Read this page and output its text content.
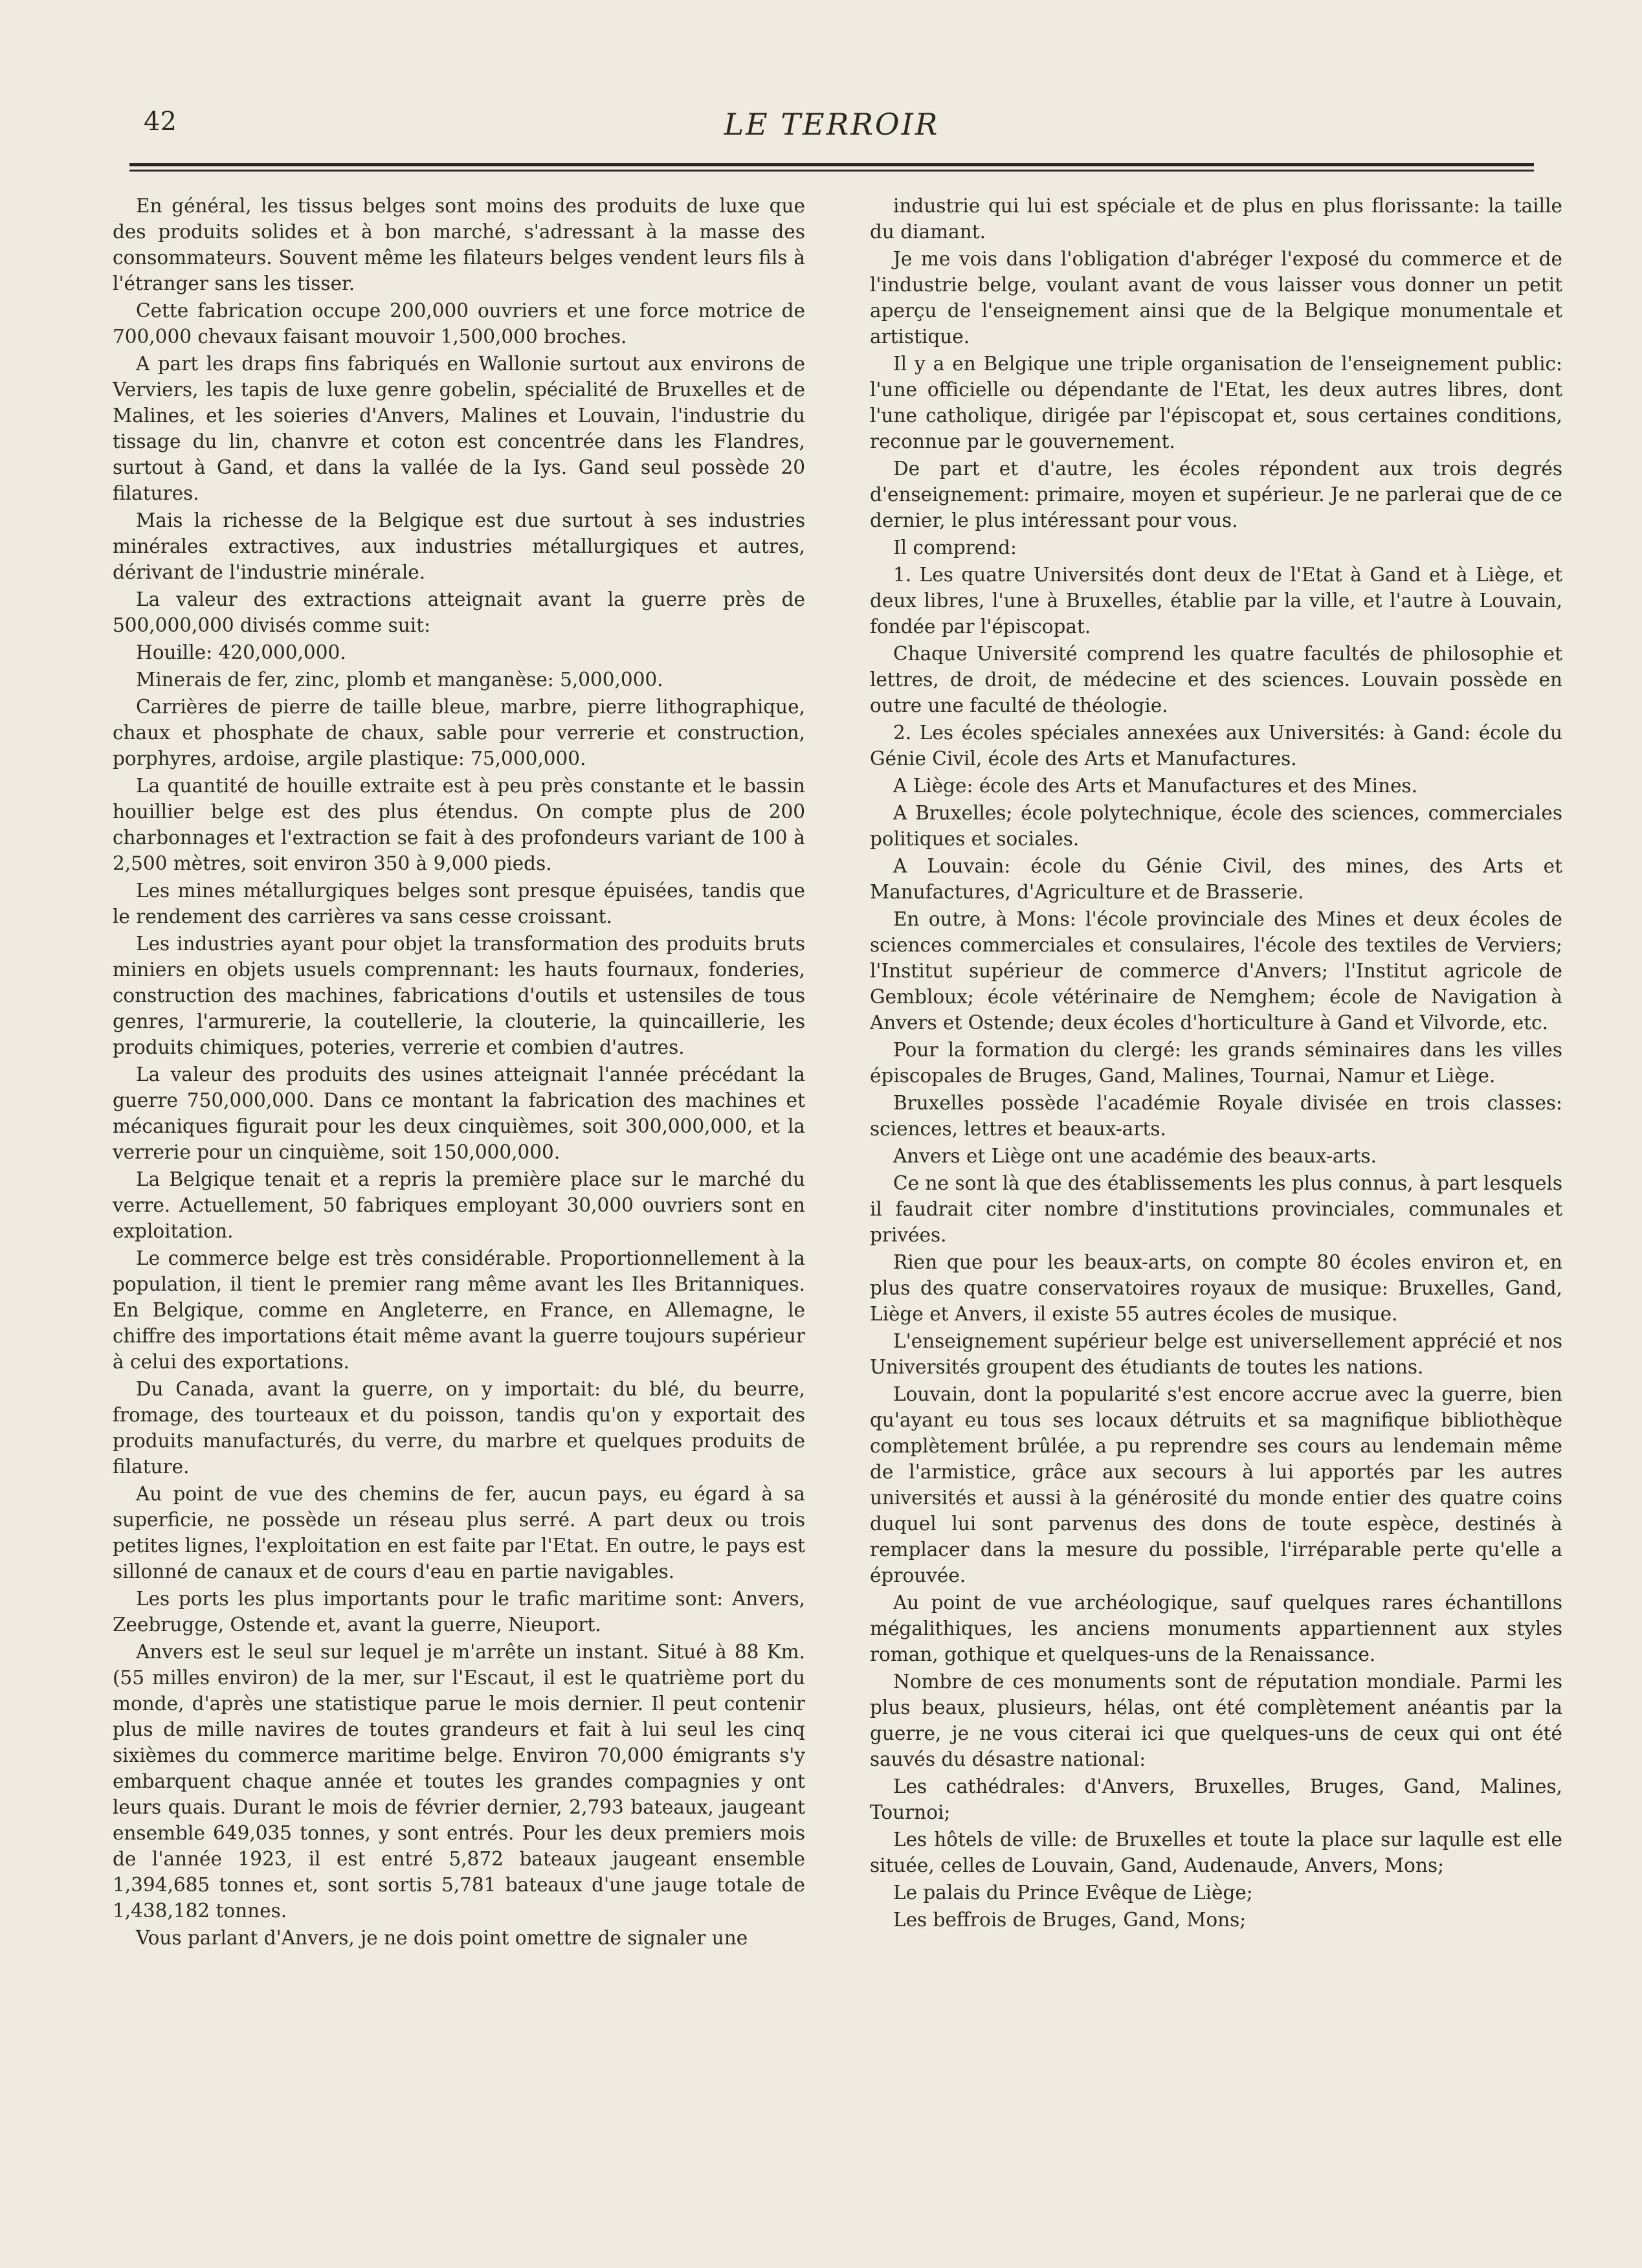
42	LE TERROIR

En général, les tissus belges sont moins des produits de luxe que des produits solides et à bon marché, s'adressant à la masse des consommateurs. Souvent même les filateurs belges vendent leurs fils à l'étranger sans les tisser.

Cette fabrication occupe 200,000 ouvriers et une force motrice de 700,000 chevaux faisant mouvoir 1,500,000 broches.

A part les draps fins fabriqués en Wallonie surtout aux environs de Verviers, les tapis de luxe genre gobelin, spécialité de Bruxelles et de Malines, et les soieries d'Anvers, Malines et Louvain, l'industrie du tissage du lin, chanvre et coton est concentrée dans les Flandres, surtout à Gand, et dans la vallée de la Iys. Gand seul possède 20 filatures.

Mais la richesse de la Belgique est due surtout à ses industries minérales extractives, aux industries métallurgiques et autres, dérivant de l'industrie minérale.

La valeur des extractions atteignait avant la guerre près de 500,000,000 divisés comme suit:

Houille: 420,000,000.

Minerais de fer, zinc, plomb et manganèse: 5,000,000.

Carrières de pierre de taille bleue, marbre, pierre lithographique, chaux et phosphate de chaux, sable pour verrerie et construction, porphyres, ardoise, argile plastique: 75,000,000.

La quantité de houille extraite est à peu près constante et le bassin houillier belge est des plus étendus. On compte plus de 200 charbonnages et l'extraction se fait à des profondeurs variant de 100 à 2,500 mètres, soit environ 350 à 9,000 pieds.

Les mines métallurgiques belges sont presque épuisées, tandis que le rendement des carrières va sans cesse croissant.

Les industries ayant pour objet la transformation des produits bruts miniers en objets usuels comprennant: les hauts fournaux, fonderies, construction des machines, fabrications d'outils et ustensiles de tous genres, l'armurerie, la coutellerie, la clouterie, la quincaillerie, les produits chimiques, poteries, verrerie et combien d'autres.

La valeur des produits des usines atteignait l'année précédant la guerre 750,000,000. Dans ce montant la fabrication des machines et mécaniques figurait pour les deux cinquièmes, soit 300,000,000, et la verrerie pour un cinquième, soit 150,000,000.

La Belgique tenait et a repris la première place sur le marché du verre. Actuellement, 50 fabriques employant 30,000 ouvriers sont en exploitation.

Le commerce belge est très considérable. Proportionnellement à la population, il tient le premier rang même avant les Iles Britanniques. En Belgique, comme en Angleterre, en France, en Allemagne, le chiffre des importations était même avant la guerre toujours supérieur à celui des exportations.

Du Canada, avant la guerre, on y importait: du blé, du beurre, fromage, des tourteaux et du poisson, tandis qu'on y exportait des produits manufacturés, du verre, du marbre et quelques produits de filature.

Au point de vue des chemins de fer, aucun pays, eu égard à sa superficie, ne possède un réseau plus serré. A part deux ou trois petites lignes, l'exploitation en est faite par l'Etat. En outre, le pays est sillonné de canaux et de cours d'eau en partie navigables.

Les ports les plus importants pour le trafic maritime sont: Anvers, Zeebrugge, Ostende et, avant la guerre, Nieuport.

Anvers est le seul sur lequel je m'arrête un instant. Situé à 88 Km. (55 milles environ) de la mer, sur l'Escaut, il est le quatrième port du monde, d'après une statistique parue le mois dernier. Il peut contenir plus de mille navires de toutes grandeurs et fait à lui seul les cinq sixièmes du commerce maritime belge. Environ 70,000 émigrants s'y embarquent chaque année et toutes les grandes compagnies y ont leurs quais. Durant le mois de février dernier, 2,793 bateaux, jaugeant ensemble 649,035 tonnes, y sont entrés. Pour les deux premiers mois de l'année 1923, il est entré 5,872 bateaux jaugeant ensemble 1,394,685 tonnes et, sont sortis 5,781 bateaux d'une jauge totale de 1,438,182 tonnes.

Vous parlant d'Anvers, je ne dois point omettre de signaler une

industrie qui lui est spéciale et de plus en plus florissante: la taille du diamant.

Je me vois dans l'obligation d'abréger l'exposé du commerce et de l'industrie belge, voulant avant de vous laisser vous donner un petit aperçu de l'enseignement ainsi que de la Belgique monumentale et artistique.

Il y a en Belgique une triple organisation de l'enseignement public: l'une officielle ou dépendante de l'Etat, les deux autres libres, dont l'une catholique, dirigée par l'épiscopat et, sous certaines conditions, reconnue par le gouvernement.

De part et d'autre, les écoles répondent aux trois degrés d'enseignement: primaire, moyen et supérieur. Je ne parlerai que de ce dernier, le plus intéressant pour vous.

Il comprend:

1. Les quatre Universités dont deux de l'Etat à Gand et à Liège, et deux libres, l'une à Bruxelles, établie par la ville, et l'autre à Louvain, fondée par l'épiscopat.

Chaque Université comprend les quatre facultés de philosophie et lettres, de droit, de médecine et des sciences. Louvain possède en outre une faculté de théologie.

2. Les écoles spéciales annexées aux Universités: à Gand: école du Génie Civil, école des Arts et Manufactures.

A Liège: école des Arts et Manufactures et des Mines.

A Bruxelles; école polytechnique, école des sciences, commerciales politiques et sociales.

A Louvain: école du Génie Civil, des mines, des Arts et Manufactures, d'Agriculture et de Brasserie.

En outre, à Mons: l'école provinciale des Mines et deux écoles de sciences commerciales et consulaires, l'école des textiles de Verviers; l'Institut supérieur de commerce d'Anvers; l'Institut agricole de Gembloux; école vétérinaire de Nemghem; école de Navigation à Anvers et Ostende; deux écoles d'horticulture à Gand et Vilvorde, etc.

Pour la formation du clergé: les grands séminaires dans les villes épiscopales de Bruges, Gand, Malines, Tournai, Namur et Liège.

Bruxelles possède l'académie Royale divisée en trois classes: sciences, lettres et beaux-arts.

Anvers et Liège ont une académie des beaux-arts.

Ce ne sont là que des établissements les plus connus, à part lesquels il faudrait citer nombre d'institutions provinciales, communales et privées.

Rien que pour les beaux-arts, on compte 80 écoles environ et, en plus des quatre conservatoires royaux de musique: Bruxelles, Gand, Liège et Anvers, il existe 55 autres écoles de musique.

L'enseignement supérieur belge est universellement apprécié et nos Universités groupent des étudiants de toutes les nations.

Louvain, dont la popularité s'est encore accrue avec la guerre, bien qu'ayant eu tous ses locaux détruits et sa magnifique bibliothèque complètement brûlée, a pu reprendre ses cours au lendemain même de l'armistice, grâce aux secours à lui apportés par les autres universités et aussi à la générosité du monde entier des quatre coins duquel lui sont parvenus des dons de toute espèce, destinés à remplacer dans la mesure du possible, l'irréparable perte qu'elle a éprouvée.

Au point de vue archéologique, sauf quelques rares échantillons mégalithiques, les anciens monuments appartiennent aux styles roman, gothique et quelques-uns de la Renaissance.

Nombre de ces monuments sont de réputation mondiale. Parmi les plus beaux, plusieurs, hélas, ont été complètement anéantis par la guerre, je ne vous citerai ici que quelques-uns de ceux qui ont été sauvés du désastre national:

Les cathédrales: d'Anvers, Bruxelles, Bruges, Gand, Malines, Tournoi;

Les hôtels de ville: de Bruxelles et toute la place sur laqulle est elle située, celles de Louvain, Gand, Audenaude, Anvers, Mons;

Le palais du Prince Evêque de Liège;

Les beffrois de Bruges, Gand, Mons;
